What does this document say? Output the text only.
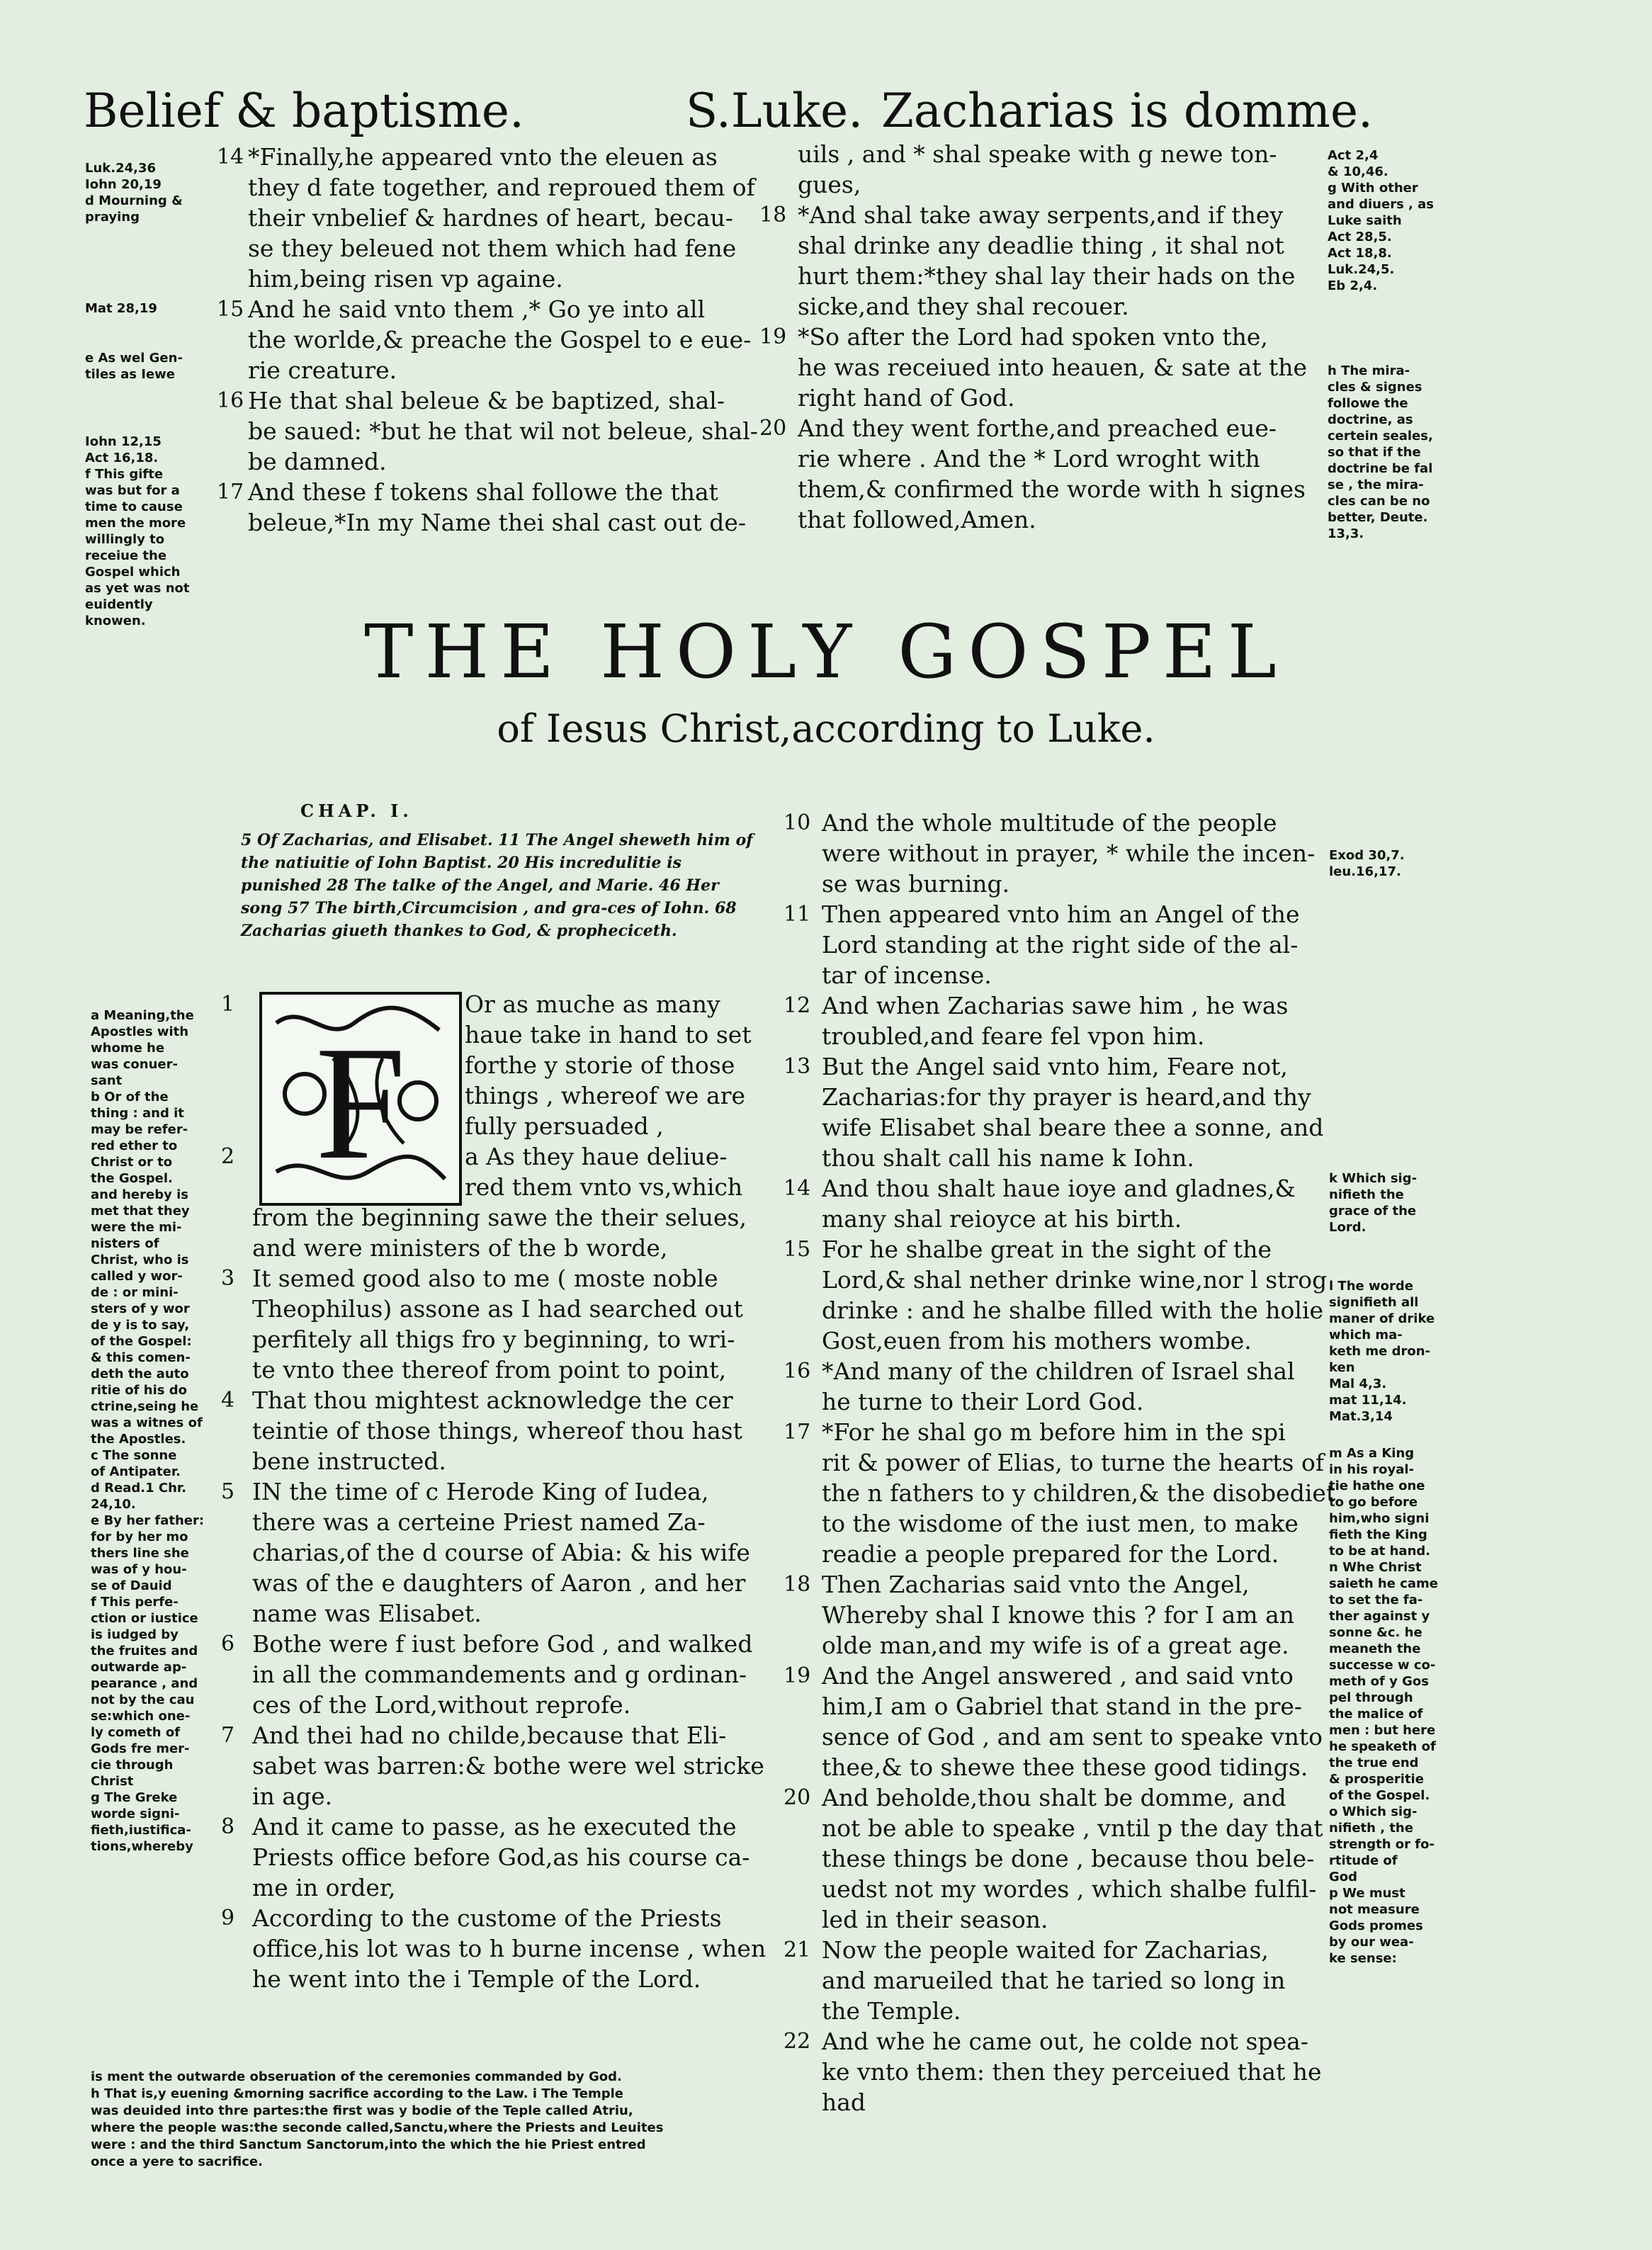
Belief & baptisme.	S.Luke. Zacharias is domme.
14 *Finally,he appeared vnto the eleuen as
they d fate together, and reproued them of
their vnbelief & hardnes of heart, becau-
se they beleued not them which had fene
him,being risen vp againe.
15 And he said vnto them ,* Go ye into all
the worlde,& preache the Gospel to e eue-
rie creature.
16 He that shal beleue & be baptized, shal-
be saued: *but he that wil not beleue, shal-
be damned.
17 And these f tokens shal followe the that
beleue,*In my Name thei shal cast out de-
uils , and * shal speake with g newe ton-
gues,
18 *And shal take away serpents,and if they
shal drinke any deadlie thing , it shal not
hurt them:*they shal lay their hads on the
sicke,and they shal recouer.
19 *So after the Lord had spoken vnto the,
he was receiued into heauen, & sate at the
right hand of God.
20 And they went forthe,and preached eue-
rie where . And the * Lord wroght with
them,& confirmed the worde with h signes
that followed,Amen.
Luk.24,36
Iohn 20,19
d Mourning &
praying
Mat 28,19
e As wel Gen-
tiles as Iewe
Iohn 12,15
Act 16,18.
f This gifte
was but for a
time to cause
men the more
willingly to
receiue the
Gospel which
as yet was not
euidently
knowen.
Act 2,4
& 10,46.
g With other
and diuers , as
Luke saith
Act 28,5.
Act 18,8.
Luk.24,5.
Eb 2,4.
h The mira-
cles & signes
followe the
doctrine, as
certein seales,
so that if the
doctrine be fal
se , the mira-
cles can be no
better, Deute.
13,3.
THE HOLY GOSPEL
of Iesus Christ,according to Luke.
CHAP. I.
5 Of Zacharias, and Elisabet. 11 The Angel sheweth him of the natiuitie of Iohn Baptist. 20 His incredulitie is punished 28 The talke of the Angel, and Marie. 46 Her song 57 The birth,Circumcision , and gra-ces of Iohn. 68 Zacharias giueth thankes to God, & propheciceth.
F
1	Or as muche as many
haue take in hand to set
forthe y storie of those
things , whereof we are
fully persuaded ,
2	a As they haue deliue-
red them vnto vs,which
from the beginning sawe the their selues,
and were ministers of the b worde,
3 It semed good also to me ( moste noble
Theophilus) assone as I had searched out
perfitely all thigs fro y beginning, to wri-
te vnto thee thereof from point to point,
4 That thou mightest acknowledge the cer
teintie of those things, whereof thou hast
bene instructed.
5 IN the time of c Herode King of Iudea,
there was a certeine Priest named Za-
charias,of the d course of Abia: & his wife
was of the e daughters of Aaron , and her
name was Elisabet.
6 Bothe were f iust before God , and walked
in all the commandements and g ordinan-
ces of the Lord,without reprofe.
7 And thei had no childe,because that Eli-
sabet was barren:& bothe were wel stricke
in age.
8 And it came to passe, as he executed the
Priests office before God,as his course ca-
me in order,
9 According to the custome of the Priests
office,his lot was to h burne incense , when
he went into the i Temple of the Lord.
10 And the whole multitude of the people
were without in prayer, * while the incen-
se was burning.
11 Then appeared vnto him an Angel of the
Lord standing at the right side of the al-
tar of incense.
12 And when Zacharias sawe him , he was
troubled,and feare fel vpon him.
13 But the Angel said vnto him, Feare not,
Zacharias:for thy prayer is heard,and thy
wife Elisabet shal beare thee a sonne, and
thou shalt call his name k Iohn.
14 And thou shalt haue ioye and gladnes,&
many shal reioyce at his birth.
15 For he shalbe great in the sight of the
Lord,& shal nether drinke wine,nor l strog
drinke : and he shalbe filled with the holie
Gost,euen from his mothers wombe.
16 *And many of the children of Israel shal
he turne to their Lord God.
17 *For he shal go m before him in the spi
rit & power of Elias, to turne the hearts of
the n fathers to y children,& the disobediet
to the wisdome of the iust men, to make
readie a people prepared for the Lord.
18 Then Zacharias said vnto the Angel,
Whereby shal I knowe this ? for I am an
olde man,and my wife is of a great age.
19 And the Angel answered , and said vnto
him,I am o Gabriel that stand in the pre-
sence of God , and am sent to speake vnto
thee,& to shewe thee these good tidings.
20 And beholde,thou shalt be domme, and
not be able to speake , vntil p the day that
these things be done , because thou bele-
uedst not my wordes , which shalbe fulfil-
led in their season.
21 Now the people waited for Zacharias,
and marueiled that he taried so long in
the Temple.
22 And whe he came out, he colde not spea-
ke vnto them: then they perceiued that he
had
a Meaning,the
Apostles with
whome he
was conuer-
sant
b Or of the
thing : and it
may be refer-
red ether to
Christ or to
the Gospel.
and hereby is
met that they
were the mi-
nisters of
Christ, who is
called y wor-
de : or mini-
sters of y wor
de y is to say,
of the Gospel:
& this comen-
deth the auto
ritie of his do
ctrine,seing he
was a witnes of
the Apostles.
c The sonne
of Antipater.
d Read.1 Chr.
24,10.
e By her father:
for by her mo
thers line she
was of y hou-
se of Dauid
f This perfe-
ction or iustice
is iudged by
the fruites and
outwarde ap-
pearance , and
not by the cau
se:which one-
ly cometh of
Gods fre mer-
cie through
Christ
g The Greke
worde signi-
fieth,iustifica-
tions,whereby
Exod 30,7.
leu.16,17.
k Which sig-
nifieth the
grace of the
Lord.
l The worde
signifieth all
maner of drike
which ma-
keth me dron-
ken
Mal 4,3.
mat 11,14.
Mat.3,14
m As a King
in his royal-
tie hathe one
to go before
him,who signi
fieth the King
to be at hand.
n Whe Christ
saieth he came
to set the fa-
ther against y
sonne &c. he
meaneth the
successe w co-
meth of y Gos
pel through
the malice of
men : but here
he speaketh of
the true end
& prosperitie
of the Gospel.
o Which sig-
nifieth , the
strength or fo-
rtitude of
God
p We must
not measure
Gods promes
by our wea-
ke sense:
is ment the outwarde obseruation of the ceremonies commanded by God.
h That is,y euening &morning sacrifice according to the Law. i The Temple
was deuided into thre partes:the first was y bodie of the Teple called Atriu,
where the people was:the seconde called,Sanctu,where the Priests and Leuites
were : and the third Sanctum Sanctorum,into the which the hie Priest entred
once a yere to sacrifice.
